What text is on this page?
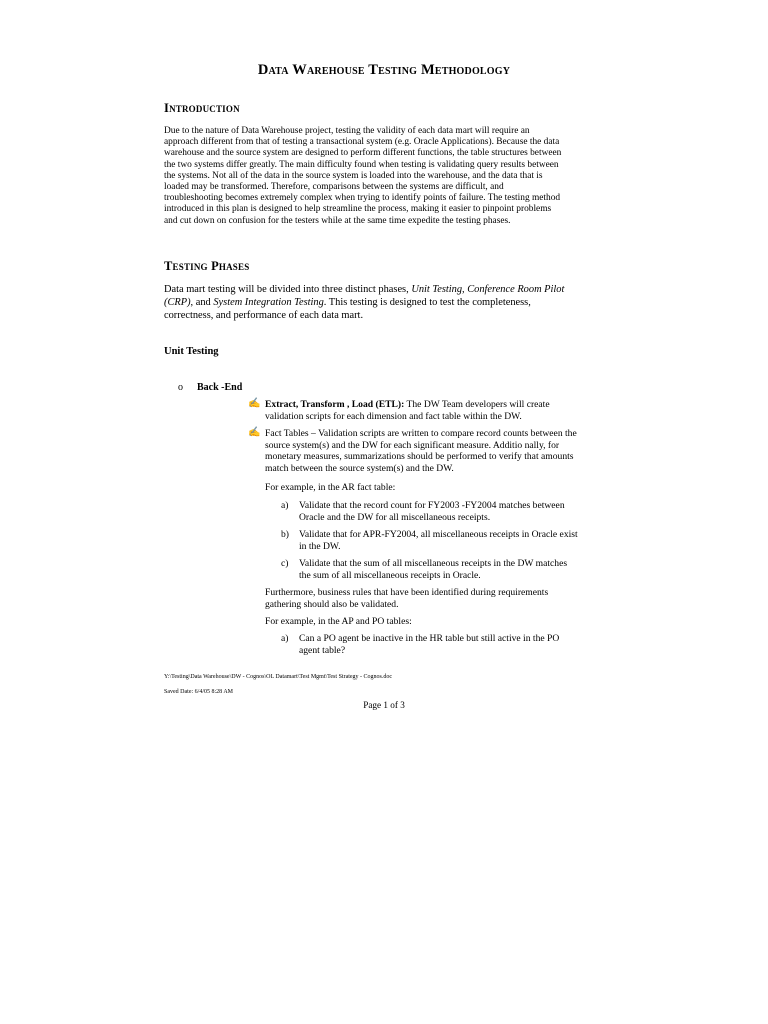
Data Warehouse Testing Methodology
Introduction
Due to the nature of Data Warehouse project, testing the validity of each data mart will require an
approach different from that of testing a transactional system (e.g. Oracle Applications). Because the data
warehouse and the source system are designed to perform different functions, the table structures between
the two systems differ greatly. The main difficulty found when testing is validating query results between
the systems. Not all of the data in the source system is loaded into the warehouse, and the data that is
loaded may be transformed. Therefore, comparisons between the systems are difficult, and
troubleshooting becomes extremely complex when trying to identify points of failure. The testing method
introduced in this plan is designed to help streamline the process, making it easier to pinpoint problems
and cut down on confusion for the testers while at the same time expedite the testing phases.
Testing Phases
Data mart testing will be divided into three distinct phases, Unit Testing, Conference Room Pilot
(CRP), and System Integration Testing. This testing is designed to test the completeness,
correctness, and performance of each data mart.
Unit Testing
o Back -End
✍ Extract, Transform , Load (ETL): The DW Team developers will create
validation scripts for each dimension and fact table within the DW.
✍ Fact Tables – Validation scripts are written to compare record counts between the
source system(s) and the DW for each significant measure. Additio nally, for
monetary measures, summarizations should be performed to verify that amounts
match between the source system(s) and the DW.
For example, in the AR fact table:
a) Validate that the record count for FY2003 -FY2004 matches between
Oracle and the DW for all miscellaneous receipts.
b) Validate that for APR-FY2004, all miscellaneous receipts in Oracle exist
in the DW.
c) Validate that the sum of all miscellaneous receipts in the DW matches
the sum of all miscellaneous receipts in Oracle.
Furthermore, business rules that have been identified during requirements
gathering should also be validated.
For example, in the AP and PO tables:
a) Can a PO agent be inactive in the HR table but still active in the PO
agent table?
Y:\Testing\Data Warehouse\DW - Cognos\OL Datamart\Test Mgmt\Test Strategy - Cognos.doc
Saved Date: 6/4/05 8:28 AM
Page 1 of 3
